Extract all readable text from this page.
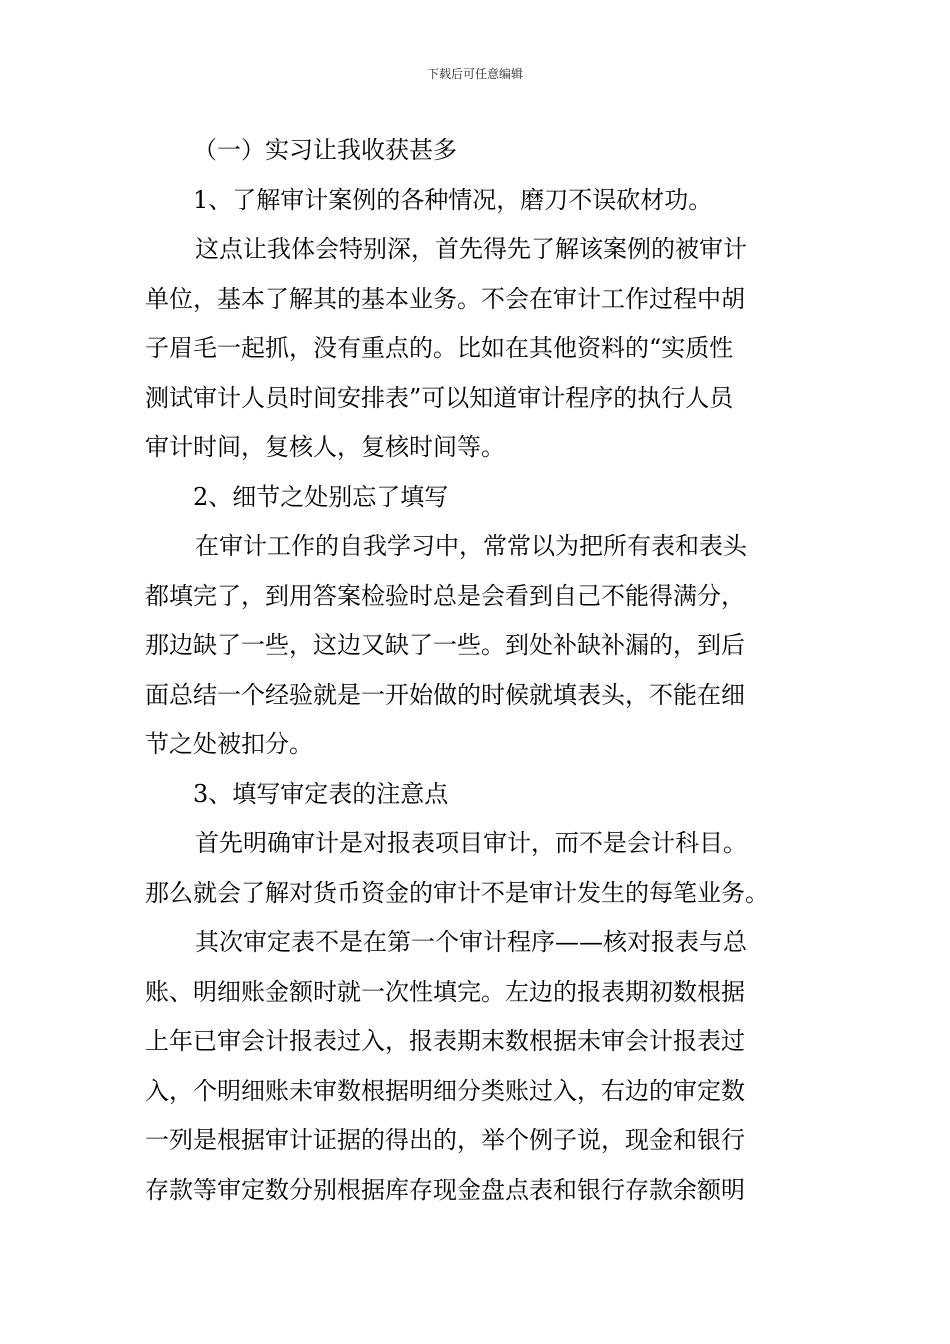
下载后可任意编辑
（一）实习让我收获甚多
1、了解审计案例的各种情况，磨刀不误砍材功。
这点让我体会特别深，首先得先了解该案例的被审计
单位，基本了解其的基本业务。不会在审计工作过程中胡
子眉毛一起抓，没有重点的。比如在其他资料的“实质性
测试审计人员时间安排表”可以知道审计程序的执行人员
审计时间，复核人，复核时间等。
2、细节之处别忘了填写
在审计工作的自我学习中，常常以为把所有表和表头
都填完了，到用答案检验时总是会看到自己不能得满分，
那边缺了一些，这边又缺了一些。到处补缺补漏的，到后
面总结一个经验就是一开始做的时候就填表头，不能在细
节之处被扣分。
3、填写审定表的注意点
首先明确审计是对报表项目审计，而不是会计科目。
那么就会了解对货币资金的审计不是审计发生的每笔业务。
其次审定表不是在第一个审计程序——核对报表与总
账、明细账金额时就一次性填完。左边的报表期初数根据
上年已审会计报表过入，报表期末数根据未审会计报表过
入，个明细账未审数根据明细分类账过入，右边的审定数
一列是根据审计证据的得出的，举个例子说，现金和银行
存款等审定数分别根据库存现金盘点表和银行存款余额明
